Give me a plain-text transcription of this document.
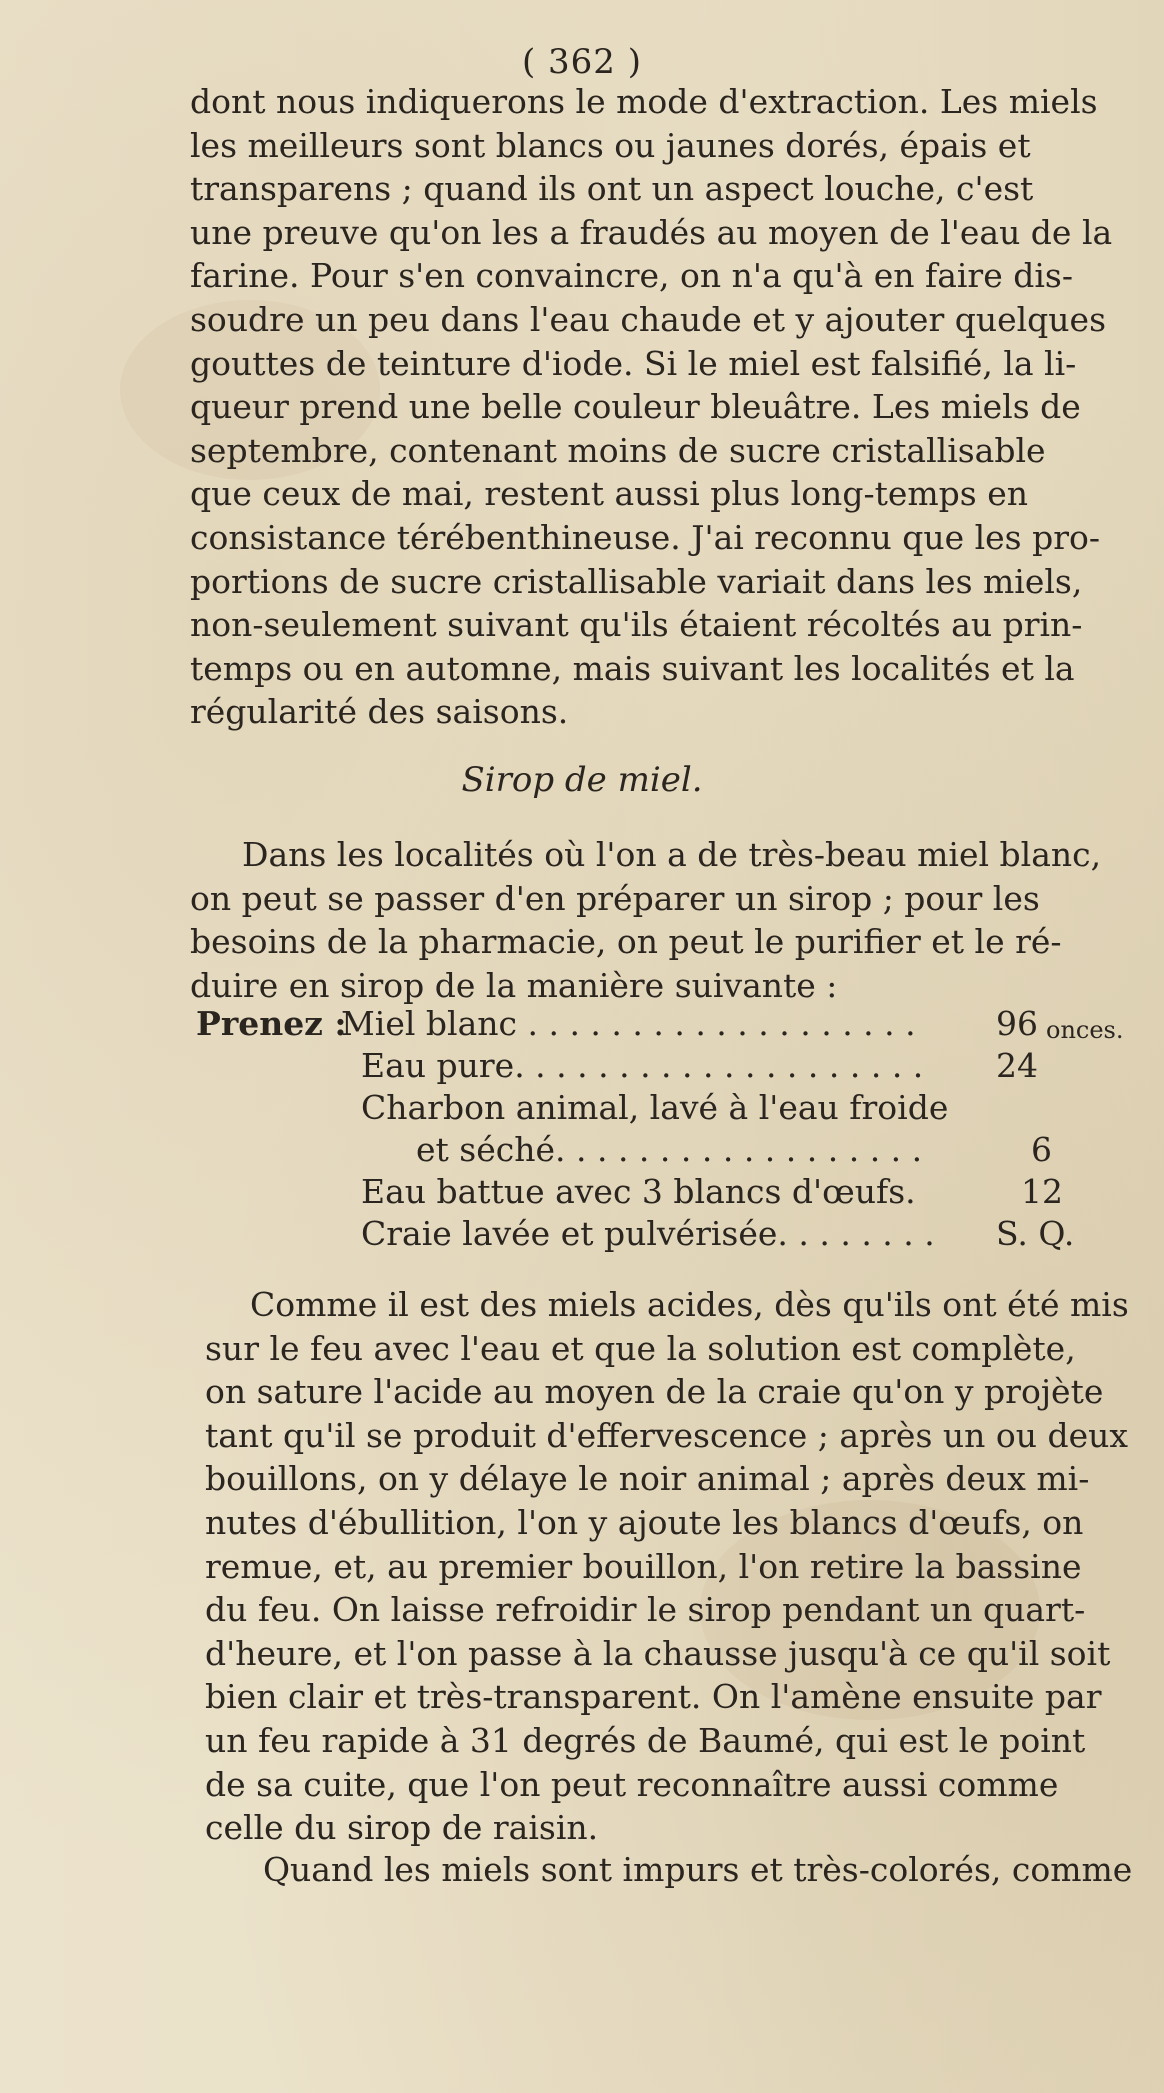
( 362 )
dont nous indiquerons le mode d'extraction. Les miels
les meilleurs sont blancs ou jaunes dorés, épais et
transparens ; quand ils ont un aspect louche, c'est
une preuve qu'on les a fraudés au moyen de l'eau de la
farine. Pour s'en convaincre, on n'a qu'à en faire dis-
soudre un peu dans l'eau chaude et y ajouter quelques
gouttes de teinture d'iode. Si le miel est falsifié, la li-
queur prend une belle couleur bleuâtre. Les miels de
septembre, contenant moins de sucre cristallisable
que ceux de mai, restent aussi plus long-temps en
consistance térébenthineuse. J'ai reconnu que les pro-
portions de sucre cristallisable variait dans les miels,
non-seulement suivant qu'ils étaient récoltés au prin-
temps ou en automne, mais suivant les localités et la
régularité des saisons.
Sirop de miel.
Dans les localités où l'on a de très-beau miel blanc,
on peut se passer d'en préparer un sirop ; pour les
besoins de la pharmacie, on peut le purifier et le ré-
duire en sirop de la manière suivante :
Prenez :
Miel blanc . . . . . . . . . . . . . . . . . . . 96 onces.
Eau pure. . . . . . . . . . . . . . . . . . . . 24
Charbon animal, lavé à l'eau froide
et séché. . . . . . . . . . . . . . . . . .	6
Eau battue avec 3 blancs d'œufs.	12
Craie lavée et pulvérisée. . . . . . . . S. Q.
Comme il est des miels acides, dès qu'ils ont été mis
sur le feu avec l'eau et que la solution est complète,
on sature l'acide au moyen de la craie qu'on y projète
tant qu'il se produit d'effervescence ; après un ou deux
bouillons, on y délaye le noir animal ; après deux mi-
nutes d'ébullition, l'on y ajoute les blancs d'œufs, on
remue, et, au premier bouillon, l'on retire la bassine
du feu. On laisse refroidir le sirop pendant un quart-
d'heure, et l'on passe à la chausse jusqu'à ce qu'il soit
bien clair et très-transparent. On l'amène ensuite par
un feu rapide à 31 degrés de Baumé, qui est le point
de sa cuite, que l'on peut reconnaître aussi comme
celle du sirop de raisin.
Quand les miels sont impurs et très-colorés, comme
